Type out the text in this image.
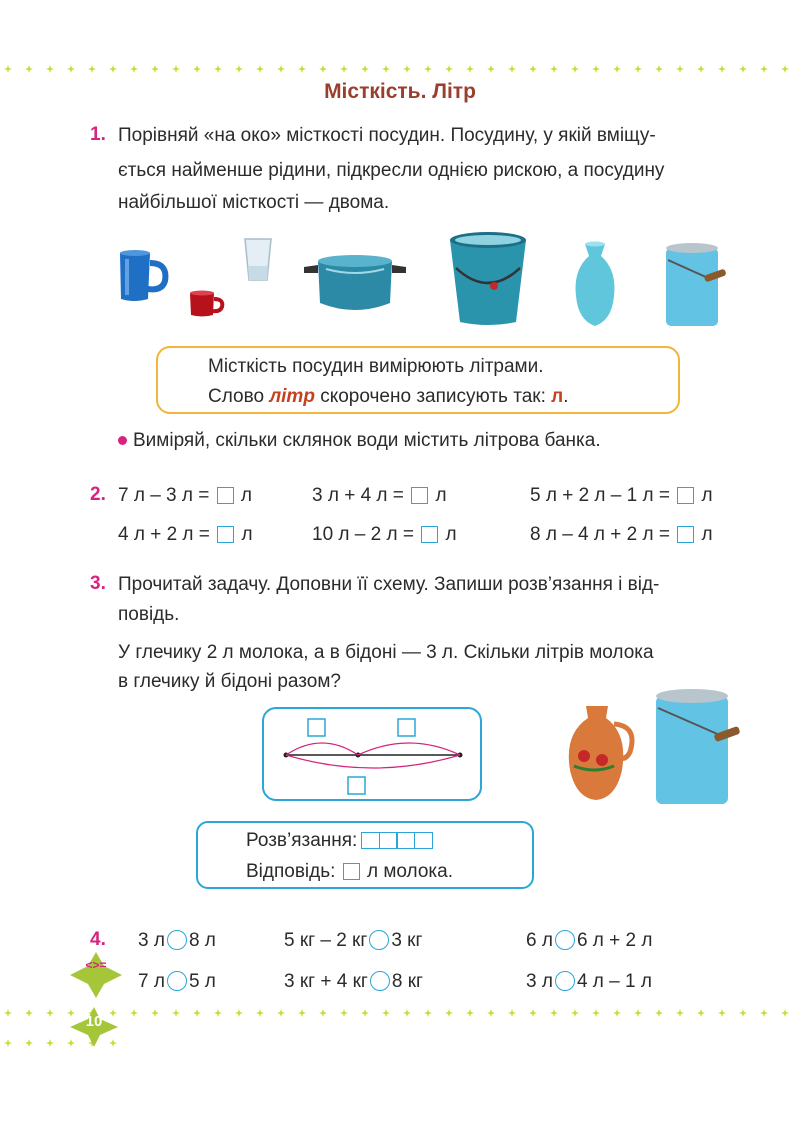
Місткість. Літр
1. Порівняй «на око» місткості посудин. Посудину, у якій вміщу-
ється найменше рідини, підкресли однією рискою, а посудину
найбільшої місткості — двома.
Місткість посудин вимірюють літрами.
Слово літр скорочено записують так: л.
Виміряй, скільки склянок води містить літрова банка.
2. 7 л – 3 л =  л	3 л + 4 л =  л	5 л + 2 л – 1 л =  л
4 л + 2 л =  л	10 л – 2 л =  л	8 л – 4 л + 2 л =  л
3. Прочитай задачу. Доповни її схему. Запиши розв’язання і від-
повідь.
У глечику 2 л молока, а в бідоні — 3 л. Скільки літрів молока
в глечику й бідоні разом?
Розв’язання:
Відповідь:  л молока.
4.
<>=
3 л 8 л	5 кг – 2 кг 3 кг	6 л 6 л + 2 л
7 л 5 л	3 кг + 4 кг 8 кг	3 л 4 л – 1 л
10
